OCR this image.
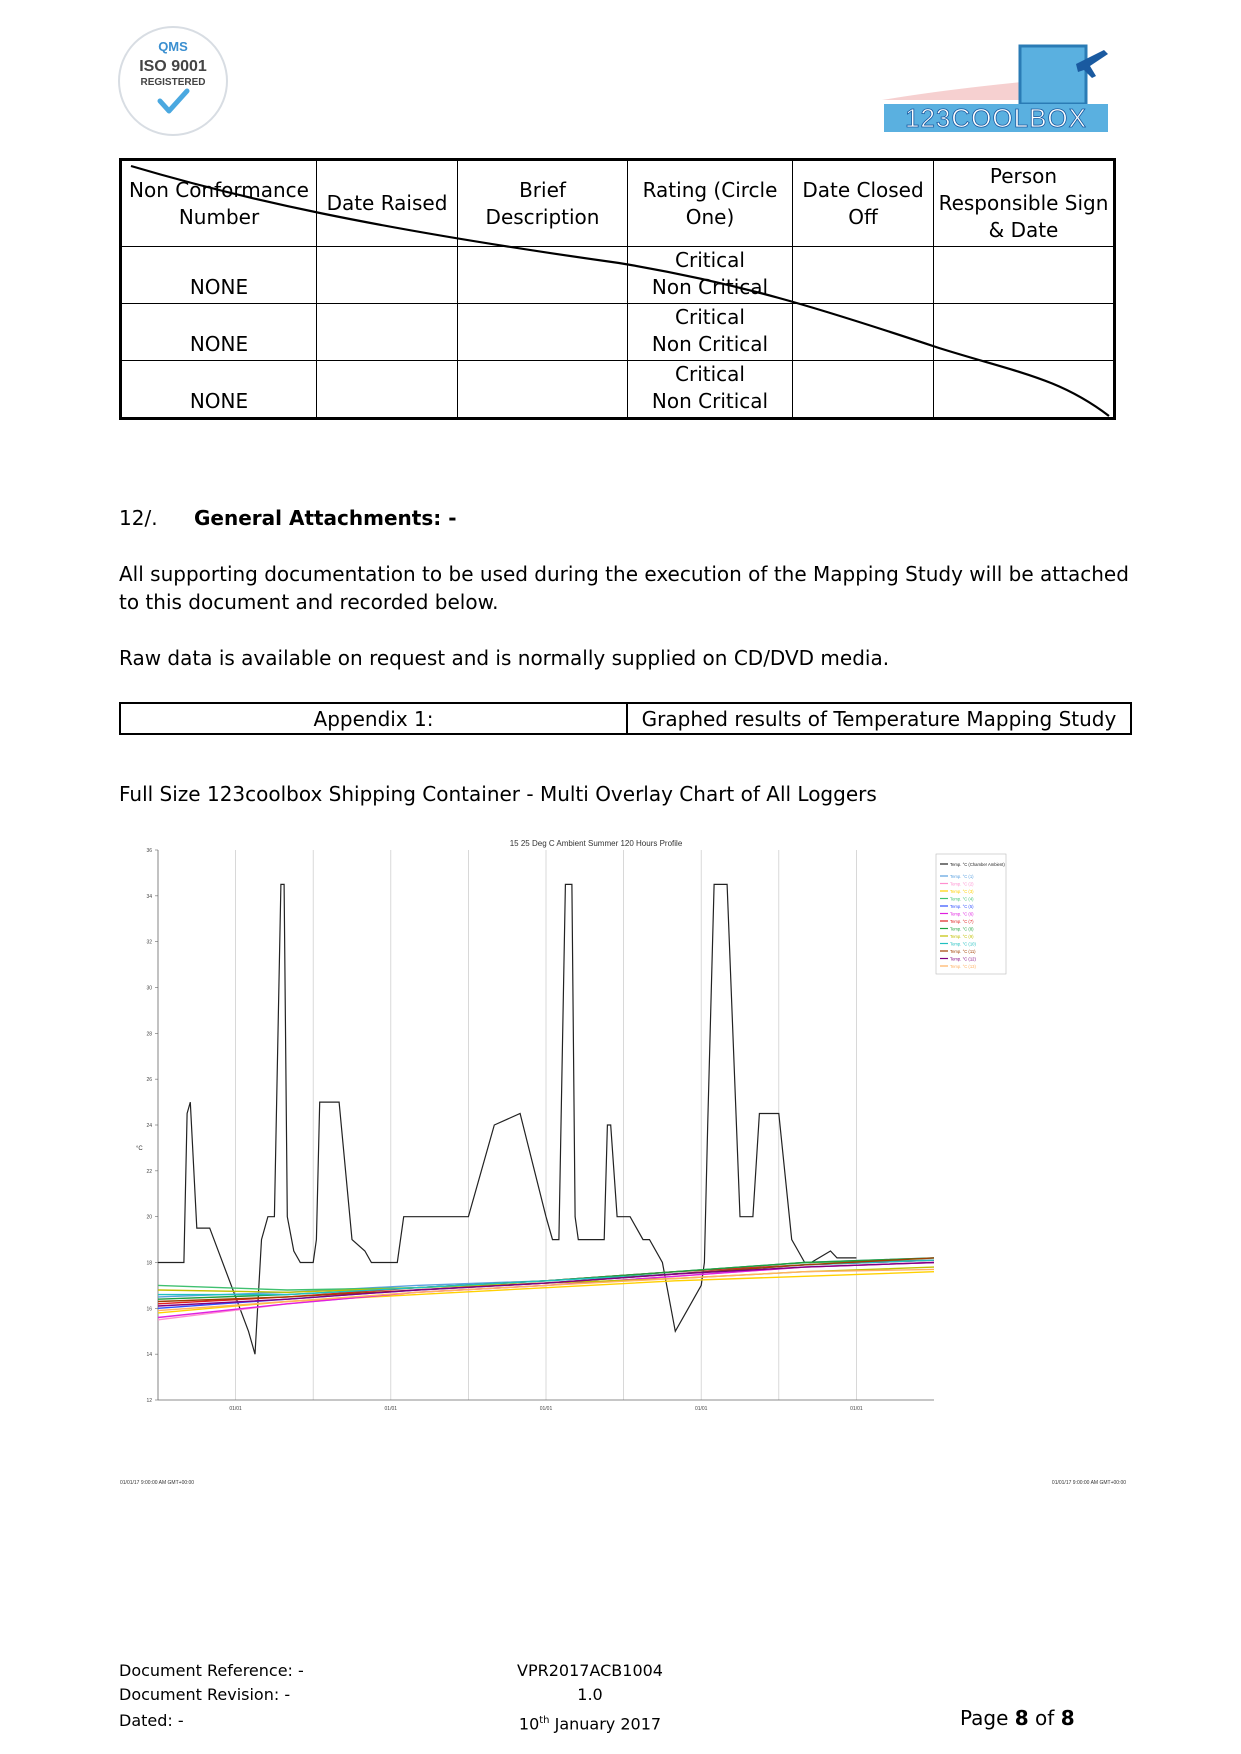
QMS
ISO 9001
REGISTERED
123COOLBOX
Non Conformance Number	Date Raised	Brief Description	Rating (Circle One)	Date Closed Off	Person Responsible Sign & Date
NONE			Critical
Non Critical		

NONE			Critical
Non Critical		

NONE			Critical
Non Critical		

12/. General Attachments: -
All supporting documentation to be used during the execution of the Mapping Study will be attached to this document and recorded below.
Raw data is available on request and is normally supplied on CD/DVD media.
Appendix 1:	Graphed results of Temperature Mapping Study
Full Size 123coolbox Shipping Container - Multi Overlay Chart of All Loggers
15 25 Deg C Ambient Summer 120 Hours Profile
12
14
16
18
20
22
24
26
28
30
32
34
36
01/01	01/01	01/01	01/01	01/01
Temp. °C (Chamber Ambient)
Temp. °C (1)
Temp. °C (2)
Temp. °C (3)
Temp. °C (4)
Temp. °C (5)
Temp. °C (6)
Temp. °C (7)
Temp. °C (8)
Temp. °C (9)
Temp. °C (10)
Temp. °C (11)
Temp. °C (12)
Temp. °C (13)
01/01/17 9:00:00 AM GMT+00:00	01/01/17 9:00:00 AM GMT+00:00
°C
Document Reference: -
Document Revision: -
Dated: -
VPR2017ACB1004
1.0
10th January 2017	Page 8 of 8
